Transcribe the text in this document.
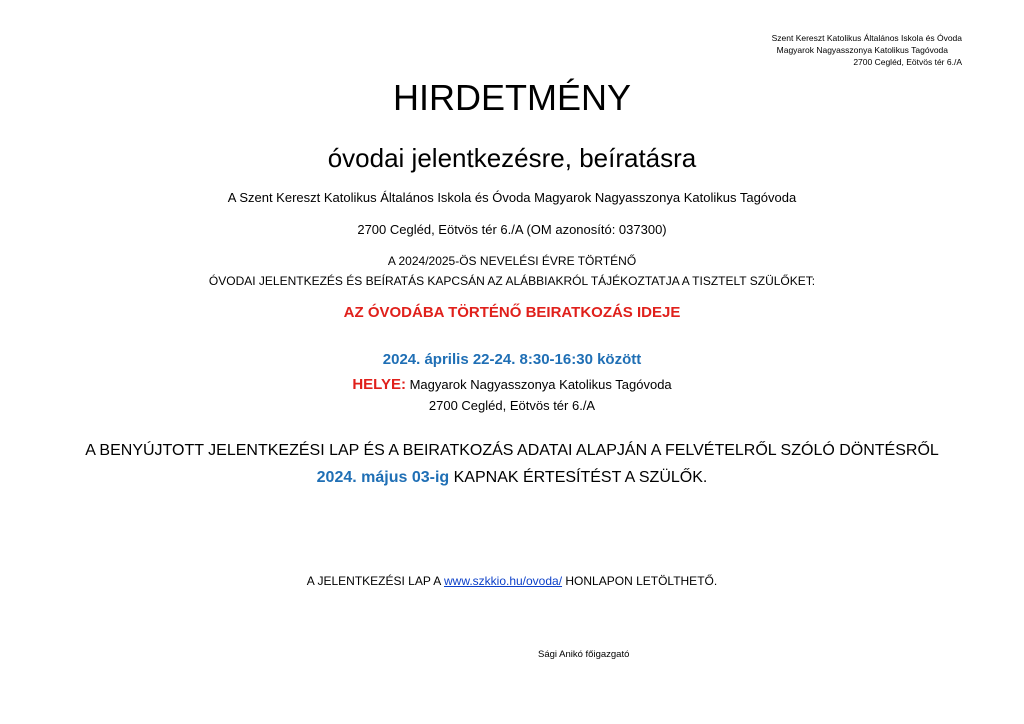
Szent Kereszt Katolikus Általános Iskola és Óvoda
Magyarok Nagyasszonya Katolikus Tagóvoda
2700 Cegléd, Eötvös tér 6./A
HIRDETMÉNY
óvodai jelentkezésre, beíratásra
A Szent Kereszt Katolikus Általános Iskola és Óvoda Magyarok Nagyasszonya Katolikus Tagóvoda
2700 Cegléd, Eötvös tér 6./A (OM azonosító: 037300)
A 2024/2025-ÖS NEVELÉSI ÉVRE TÖRTÉNŐ
ÓVODAI JELENTKEZÉS ÉS BEÍRATÁS KAPCSÁN AZ ALÁBBIAKRÓL TÁJÉKOZTATJA A TISZTELT SZÜLŐKET:
AZ ÓVODÁBA TÖRTÉNŐ BEIRATKOZÁS IDEJE
2024. április 22-24. 8:30-16:30 között
HELYE: Magyarok Nagyasszonya Katolikus Tagóvoda
2700 Cegléd, Eötvös tér 6./A
A BENYÚJTOTT JELENTKEZÉSI LAP ÉS A BEIRATKOZÁS ADATAI ALAPJÁN A FELVÉTELRŐL SZÓLÓ DÖNTÉSRŐL
2024. május 03-ig KAPNAK ÉRTESÍTÉST A SZÜLŐK.
A JELENTKEZÉSI LAP A www.szkkio.hu/ovoda/ HONLAPON LETÖLTHETŐ.
Sági Anikó főigazgató
